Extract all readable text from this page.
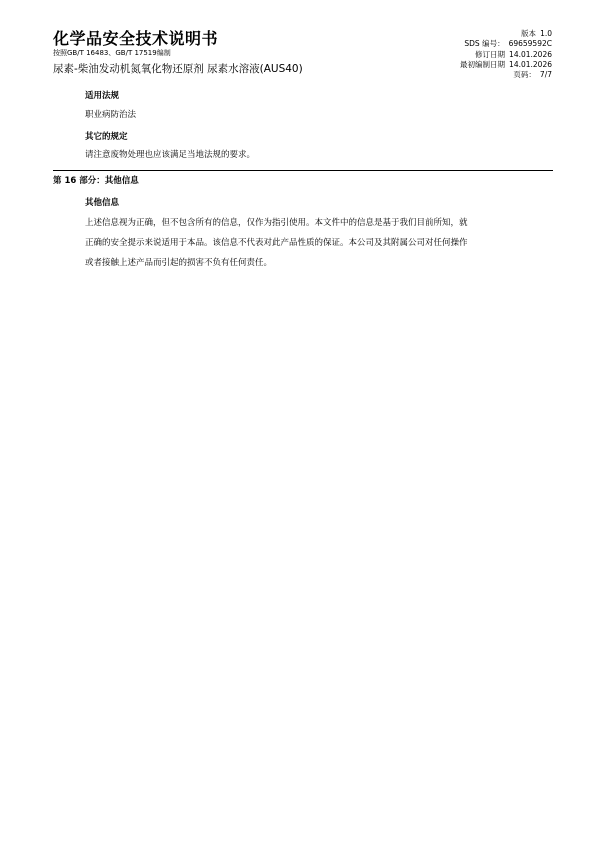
化学品安全技术说明书
按照GB/T 16483、GB/T 17519编制
尿素-柴油发动机氮氧化物还原剂 尿素水溶液(AUS40)
版本 1.0
SDS 编号： 69659592C
修订日期 14.01.2026
最初编制日期 14.01.2026
页码： 7/7
适用法规
职业病防治法
其它的规定
请注意废物处理也应该满足当地法规的要求。
第 16 部分：其他信息
其他信息
上述信息视为正确，但不包含所有的信息，仅作为指引使用。本文件中的信息是基于我们目前所知，就
正确的安全提示来说适用于本品。该信息不代表对此产品性质的保证。本公司及其附属公司对任何操作
或者接触上述产品而引起的损害不负有任何责任。
